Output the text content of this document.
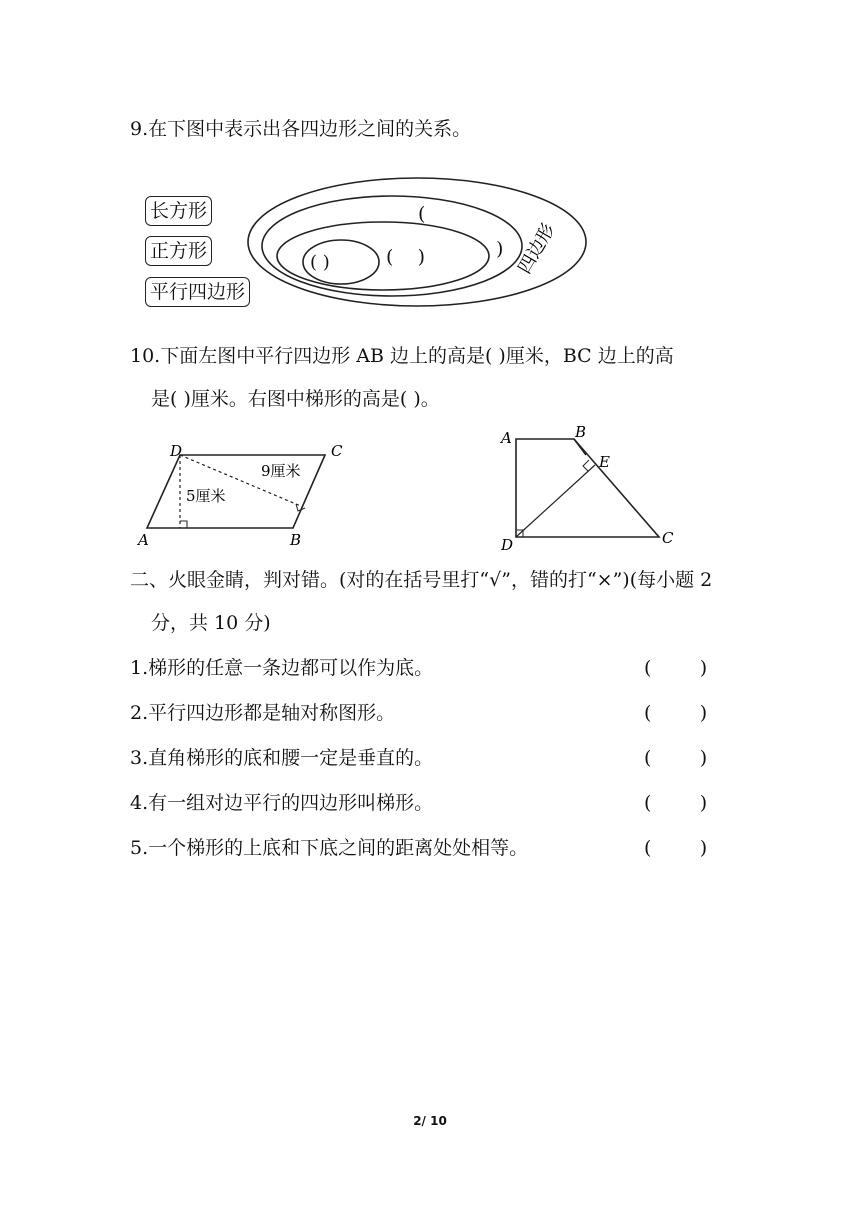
9.在下图中表示出各四边形之间的关系。
长方形
正方形
平行四边形
四边形
(
)
( )	(    )
10.下面左图中平行四边形 AB 边上的高是( )厘米，BC 边上的高
是( )厘米。右图中梯形的高是( )。
D	C
A	B
9厘米
5厘米
A	B
E
D	C
二、火眼金睛，判对错。(对的在括号里打“√”，错的打“×”)(每小题 2
分，共 10 分)
1.梯形的任意一条边都可以作为底。	(        )
2.平行四边形都是轴对称图形。	(        )
3.直角梯形的底和腰一定是垂直的。	(        )
4.有一组对边平行的四边形叫梯形。	(        )
5.一个梯形的上底和下底之间的距离处处相等。	(        )
2/ 10
